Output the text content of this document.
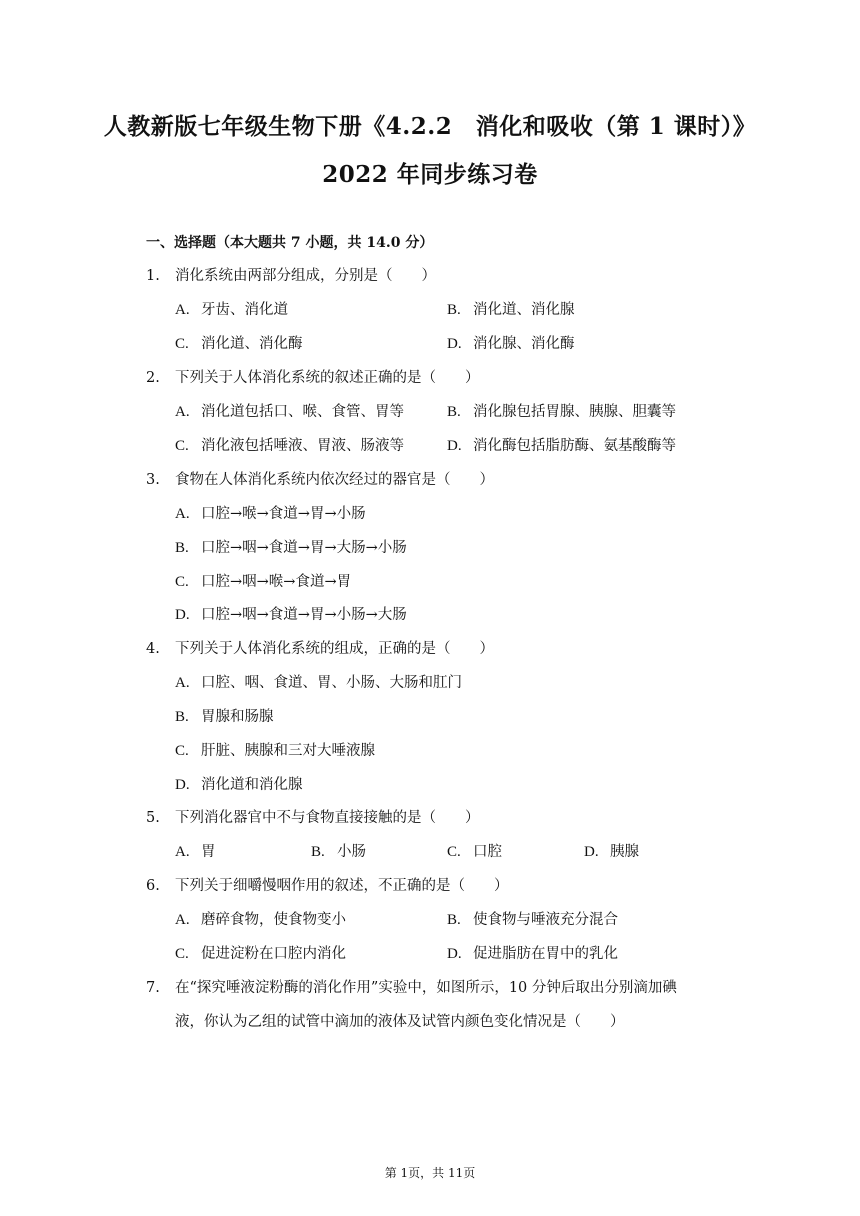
人教新版七年级生物下册《4.2.2　消化和吸收（第 1 课时）》
2022 年同步练习卷
一、选择题（本大题共 7 小题，共 14.0 分）
1. 消化系统由两部分组成，分别是（　　）
A. 牙齿、消化道	B. 消化道、消化腺
C. 消化道、消化酶	D. 消化腺、消化酶
2. 下列关于人体消化系统的叙述正确的是（　　）
A. 消化道包括口、喉、食管、胃等	B. 消化腺包括胃腺、胰腺、胆囊等
C. 消化液包括唾液、胃液、肠液等	D. 消化酶包括脂肪酶、氨基酸酶等
3. 食物在人体消化系统内依次经过的器官是（　　）
A. 口腔→喉→食道→胃→小肠
B. 口腔→咽→食道→胃→大肠→小肠
C. 口腔→咽→喉→食道→胃
D. 口腔→咽→食道→胃→小肠→大肠
4. 下列关于人体消化系统的组成，正确的是（　　）
A. 口腔、咽、食道、胃、小肠、大肠和肛门
B. 胃腺和肠腺
C. 肝脏、胰腺和三对大唾液腺
D. 消化道和消化腺
5. 下列消化器官中不与食物直接接触的是（　　）
A. 胃	B. 小肠	C. 口腔	D. 胰腺
6. 下列关于细嚼慢咽作用的叙述，不正确的是（　　）
A. 磨碎食物，使食物变小	B. 使食物与唾液充分混合
C. 促进淀粉在口腔内消化	D. 促进脂肪在胃中的乳化
7. 在“探究唾液淀粉酶的消化作用”实验中，如图所示，10 分钟后取出分别滴加碘
液，你认为乙组的试管中滴加的液体及试管内颜色变化情况是（　　）
第 1页，共 11页
